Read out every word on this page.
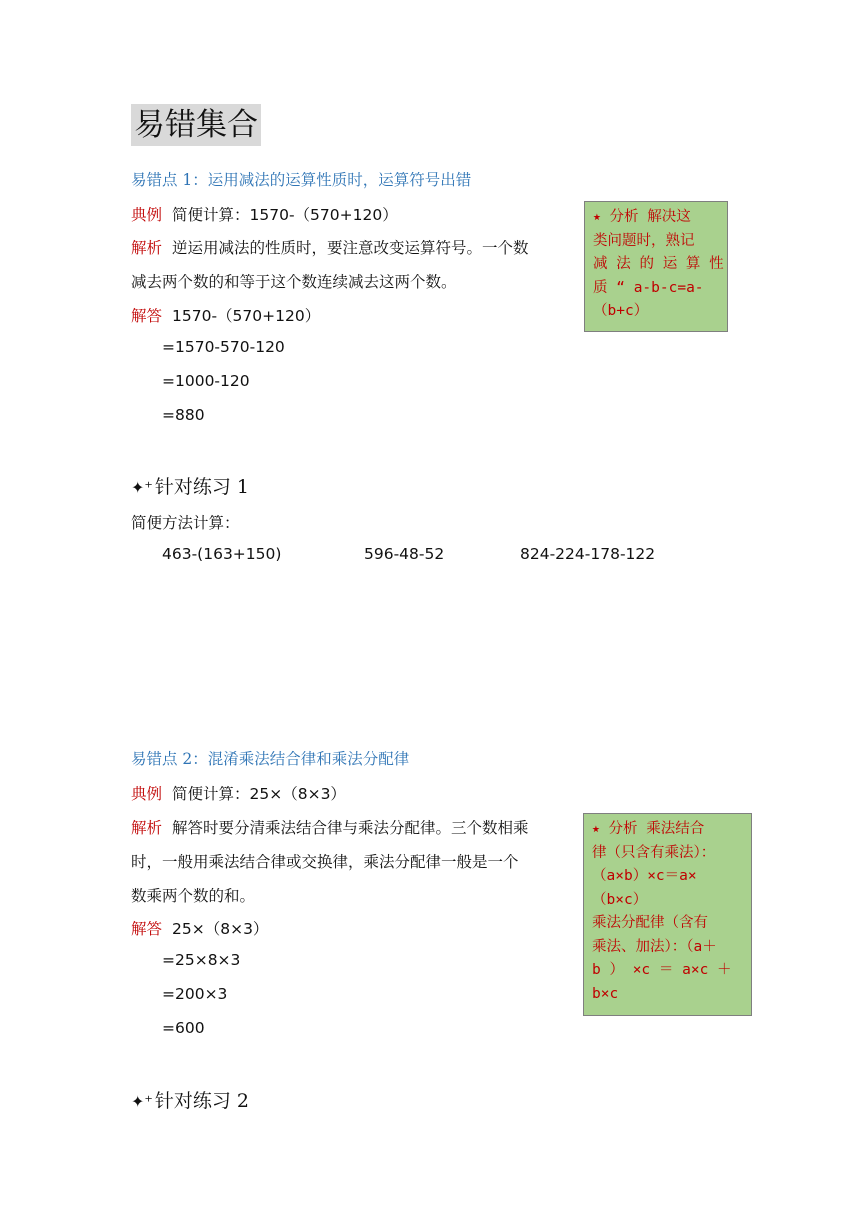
易错集合
易错点 1：运用减法的运算性质时，运算符号出错
典例 简便计算：1570-（570+120）
解析 逆运用减法的性质时，要注意改变运算符号。一个数
减去两个数的和等于这个数连续减去这两个数。
解答 1570-（570+120）
=1570-570-120
=1000-120
=880
⭑ 分析 解决这
类问题时，熟记
减 法 的 运 算 性
质 “ a-b-c=a-
（b+c）
✦⁺ 针对练习 1
简便方法计算：
463-(163+150)	596-48-52	824-224-178-122
易错点 2：混淆乘法结合律和乘法分配律
典例 简便计算：25×（8×3）
解析 解答时要分清乘法结合律与乘法分配律。三个数相乘
时，一般用乘法结合律或交换律，乘法分配律一般是一个
数乘两个数的和。
解答 25×（8×3）
=25×8×3
=200×3
=600
⭑ 分析 乘法结合
律（只含有乘法）：
（a×b）×c＝a×
（b×c）
乘法分配律（含有
乘法、加法）：（a＋
b ） ×c ＝ a×c ＋
b×c
✦⁺ 针对练习 2
